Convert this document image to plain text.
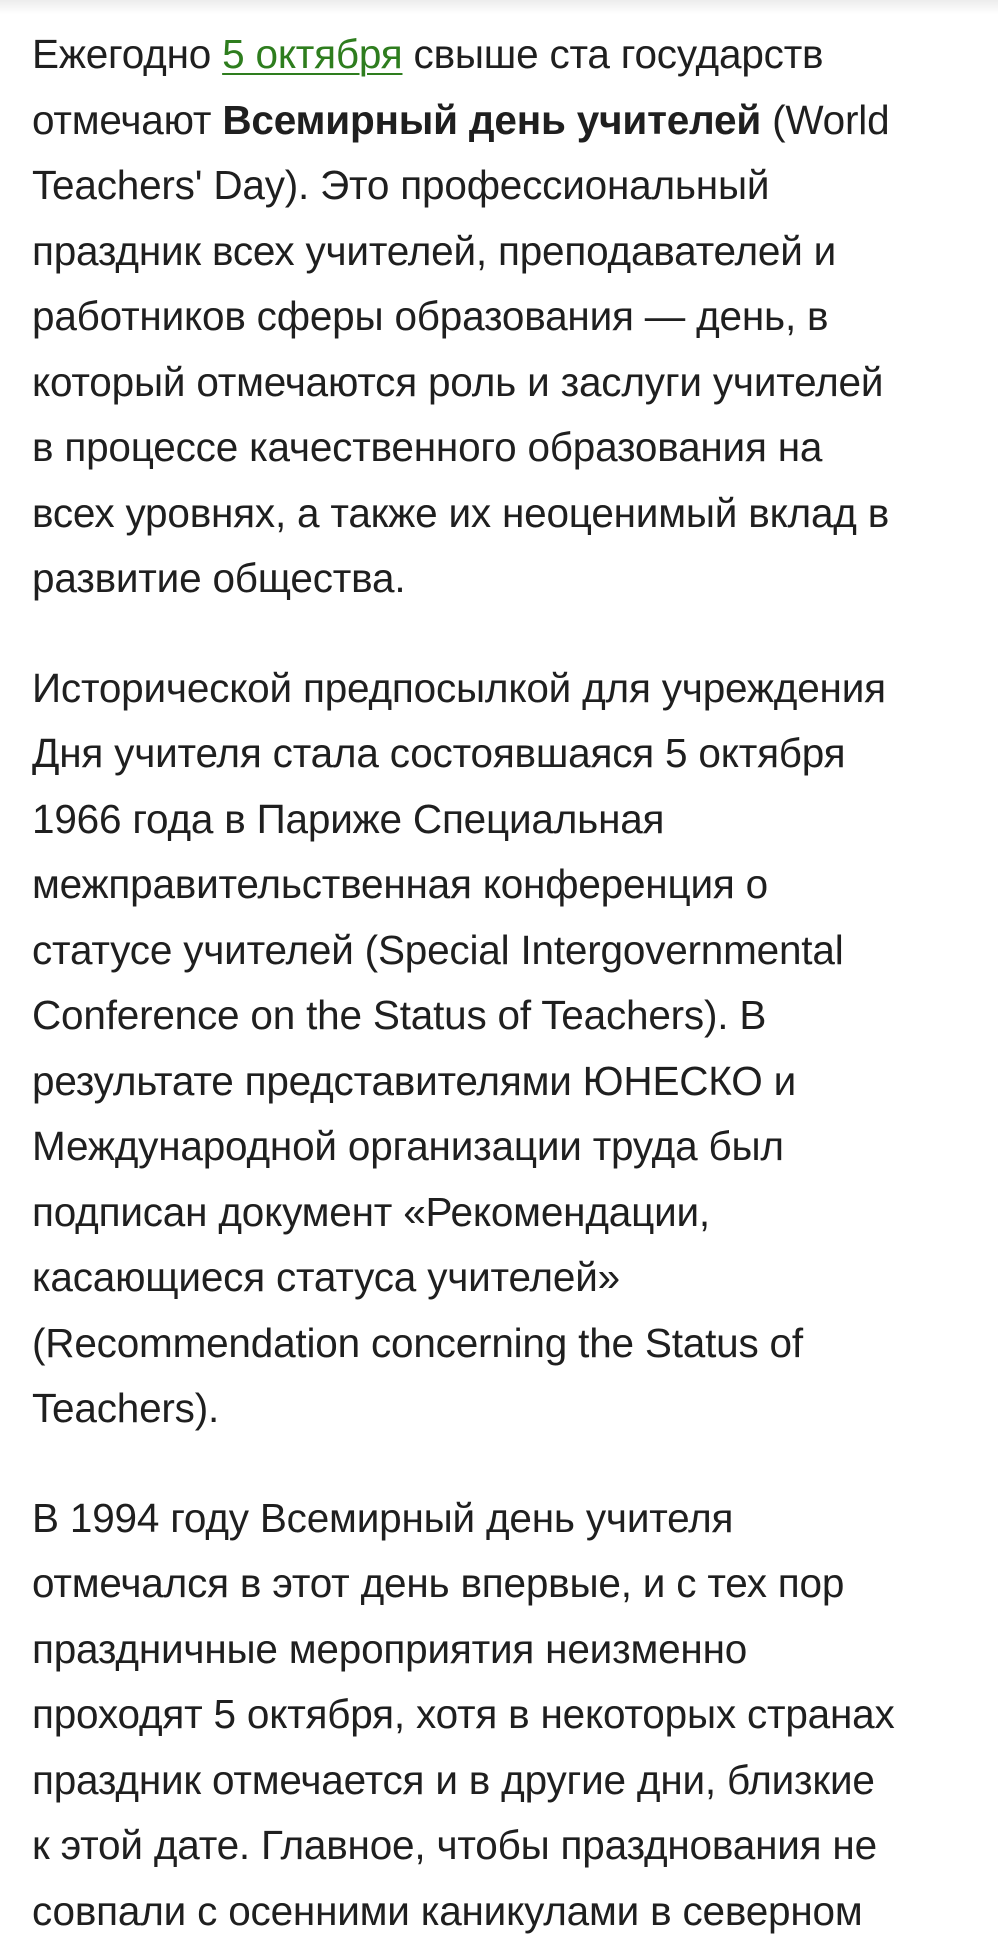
Ежегодно 5 октября свыше ста государств
отмечают Всемирный день учителей (World
Teachers' Day). Это профессиональный
праздник всех учителей, преподавателей и
работников сферы образования — день, в
который отмечаются роль и заслуги учителей
в процессе качественного образования на
всех уровнях, а также их неоценимый вклад в
развитие общества.
Исторической предпосылкой для учреждения
Дня учителя стала состоявшаяся 5 октября
1966 года в Париже Специальная
межправительственная конференция о
статусе учителей (Special Intergovernmental
Conference on the Status of Teachers). В
результате представителями ЮНЕСКО и
Международной организации труда был
подписан документ «Рекомендации,
касающиеся статуса учителей»
(Recommendation concerning the Status of
Teachers).
В 1994 году Всемирный день учителя
отмечался в этот день впервые, и с тех пор
праздничные мероприятия неизменно
проходят 5 октября, хотя в некоторых странах
праздник отмечается и в другие дни, близкие
к этой дате. Главное, чтобы празднования не
совпали с осенними каникулами в северном
